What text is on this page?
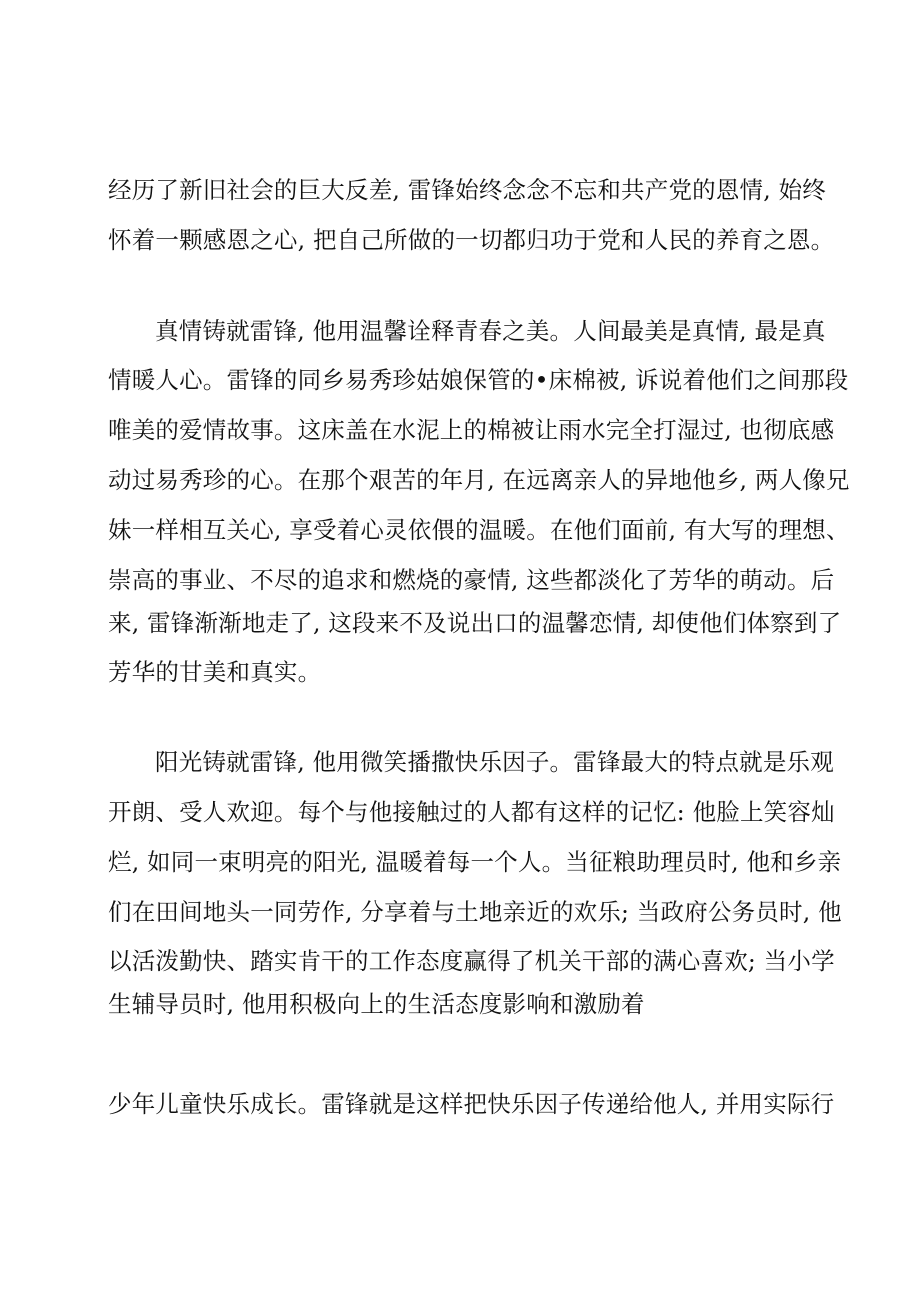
经历了新旧社会的巨大反差, 雷锋始终念念不忘和共产党的恩情, 始终
怀着一颗感恩之心, 把自己所做的一切都归功于党和人民的养育之恩。
真情铸就雷锋, 他用温馨诠释青春之美。人间最美是真情, 最是真
情暖人心。雷锋的同乡易秀珍姑娘保管的•床棉被, 诉说着他们之间那段
唯美的爱情故事。这床盖在水泥上的棉被让雨水完全打湿过, 也彻底感
动过易秀珍的心。在那个艰苦的年月, 在远离亲人的异地他乡, 两人像兄
妹一样相互关心, 享受着心灵依偎的温暖。在他们面前, 有大写的理想、
崇高的事业、不尽的追求和燃烧的豪情, 这些都淡化了芳华的萌动。后
来, 雷锋渐渐地走了, 这段来不及说出口的温馨恋情, 却使他们体察到了
芳华的甘美和真实。
阳光铸就雷锋, 他用微笑播撒快乐因子。雷锋最大的特点就是乐观
开朗、受人欢迎。每个与他接触过的人都有这样的记忆: 他脸上笑容灿
烂, 如同一束明亮的阳光, 温暖着每一个人。当征粮助理员时, 他和乡亲
们在田间地头一同劳作, 分享着与土地亲近的欢乐; 当政府公务员时, 他
以活泼勤快、踏实肯干的工作态度赢得了机关干部的满心喜欢; 当小学
生辅导员时, 他用积极向上的生活态度影响和激励着
少年儿童快乐成长。雷锋就是这样把快乐因子传递给他人, 并用实际行
